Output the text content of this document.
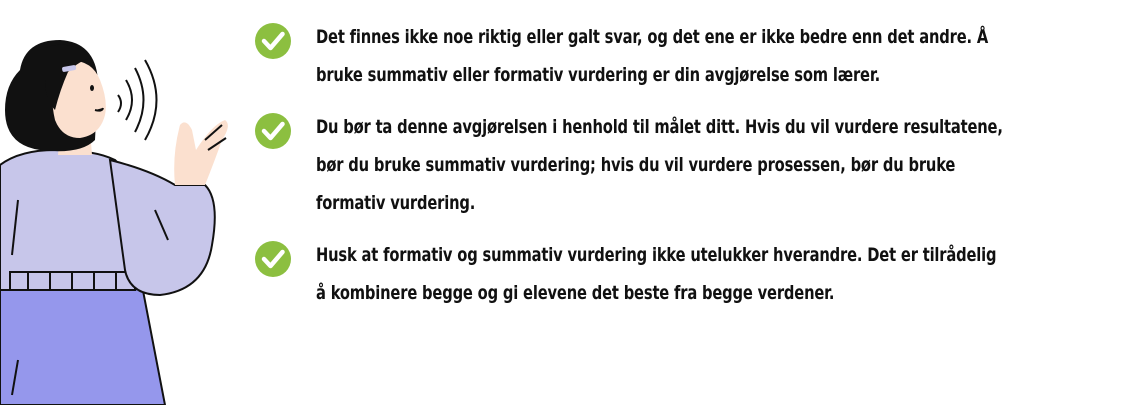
Det finnes ikke noe riktig eller galt svar, og det ene er ikke bedre enn det andre. Å bruke summativ eller formativ vurdering er din avgjørelse som lærer.
Du bør ta denne avgjørelsen i henhold til målet ditt. Hvis du vil vurdere resultatene, bør du bruke summativ vurdering; hvis du vil vurdere prosessen, bør du bruke formativ vurdering.
Husk at formativ og summativ vurdering ikke utelukker hverandre. Det er tilrådelig å kombinere begge og gi elevene det beste fra begge verdener.
